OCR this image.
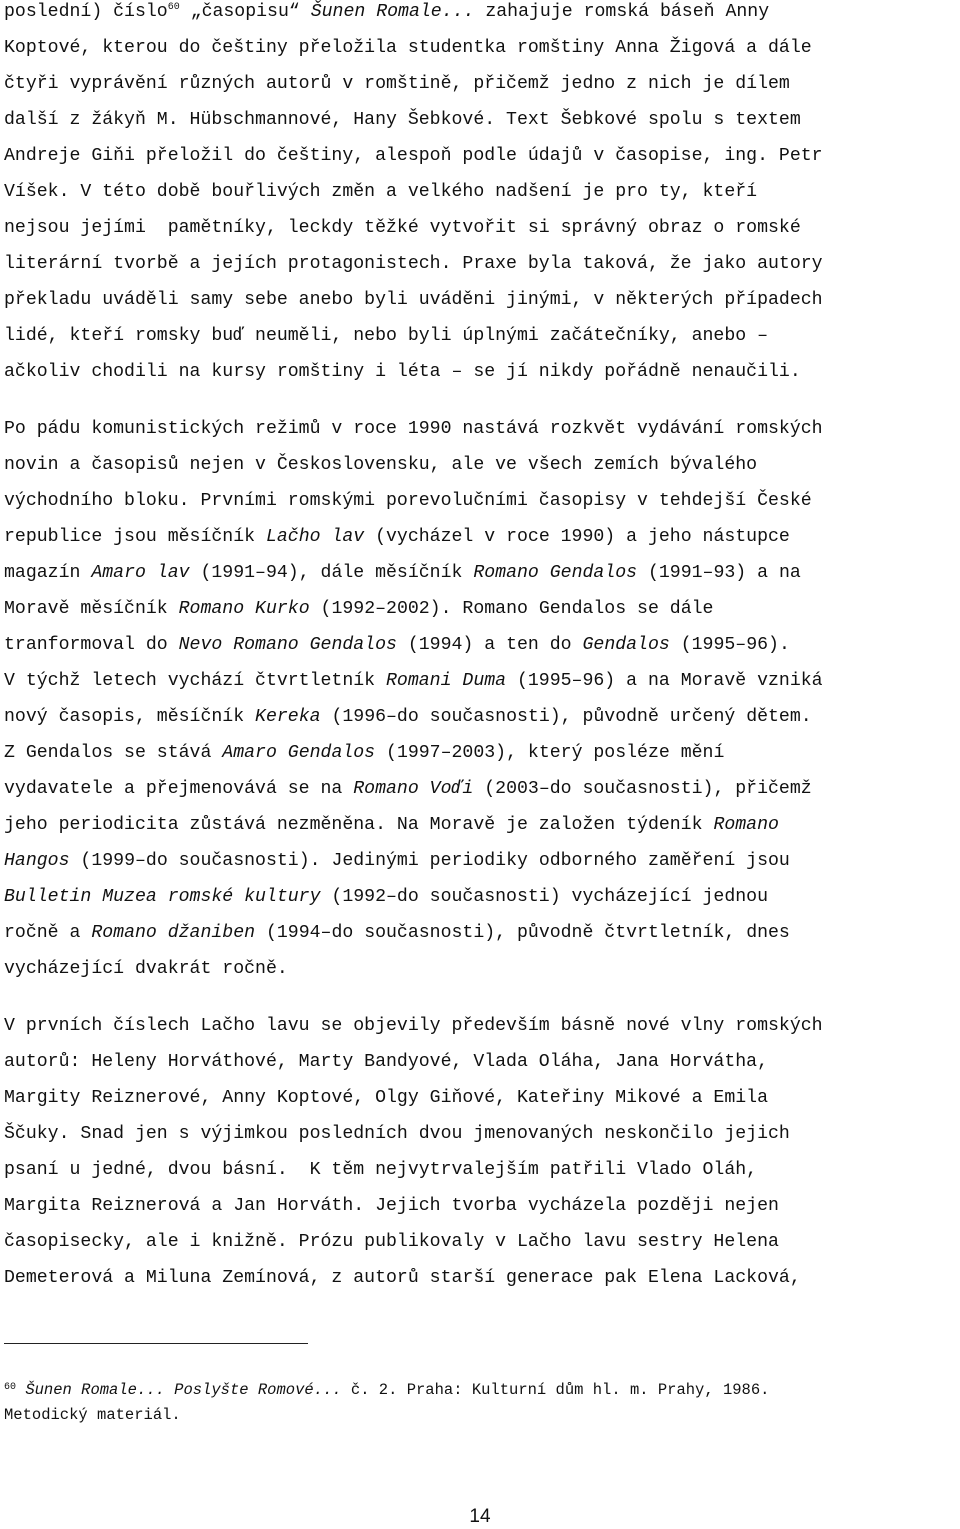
poslední) číslo$^{60}$ „časopisu“ Šunen Romale... zahajuje romská báseň Anny
Koptové, kterou do češtiny přeložila studentka romštiny Anna Žigová a dále
čtyři vyprávění různých autorů v romštině, přičemž jedno z nich je dílem
další z žákyň M. Hübschmannové, Hany Šebkové. Text Šebkové spolu s textem
Andreje Giňi přeložil do češtiny, alespoň podle údajů v časopise, ing. Petr
Víšek. V této době bouřlivých změn a velkého nadšení je pro ty, kteří
nejsou jejími  pamětníky, leckdy těžké vytvořit si správný obraz o romské
literární tvorbě a jejích protagonistech. Praxe byla taková, že jako autory
překladu uváděli samy sebe anebo byli uváděni jinými, v některých případech
lidé, kteří romsky buď neuměli, nebo byli úplnými začátečníky, anebo –
ačkoliv chodili na kursy romštiny i léta – se jí nikdy pořádně nenaučili.

Po pádu komunistických režimů v roce 1990 nastává rozkvět vydávání romských
novin a časopisů nejen v Československu, ale ve všech zemích bývalého
východního bloku. Prvními romskými porevolučními časopisy v tehdejší České
republice jsou měsíčník Lačho lav (vycházel v roce 1990) a jeho nástupce
magazín Amaro lav (1991–94), dále měsíčník Romano Gendalos (1991–93) a na
Moravě měsíčník Romano Kurko (1992–2002). Romano Gendalos se dále
tranformoval do Nevo Romano Gendalos (1994) a ten do Gendalos (1995–96).
V týchž letech vychází čtvrtletník Romani Duma (1995–96) a na Moravě vzniká
nový časopis, měsíčník Kereka (1996–do současnosti), původně určený dětem.
Z Gendalos se stává Amaro Gendalos (1997–2003), který posléze mění
vydavatele a přejmenovává se na Romano Voďi (2003–do současnosti), přičemž
jeho periodicita zůstává nezměněna. Na Moravě je založen týdeník Romano
Hangos (1999–do současnosti). Jedinými periodiky odborného zaměření jsou
Bulletin Muzea romské kultury (1992–do současnosti) vycházející jednou
ročně a Romano džaniben (1994–do současnosti), původně čtvrtletník, dnes
vycházející dvakrát ročně.

V prvních číslech Lačho lavu se objevily především básně nové vlny romských
autorů: Heleny Horváthové, Marty Bandyové, Vlada Oláha, Jana Horvátha,
Margity Reiznerové, Anny Koptové, Olgy Giňové, Kateřiny Mikové a Emila
Ščuky. Snad jen s výjimkou posledních dvou jmenovaných neskončilo jejich
psaní u jedné, dvou básní.  K těm nejvytrvalejším patřili Vlado Oláh,
Margita Reiznerová a Jan Horváth. Jejich tvorba vycházela později nejen
časopisecky, ale i knižně. Prózu publikovaly v Lačho lavu sestry Helena
Demeterová a Miluna Zemínová, z autorů starší generace pak Elena Lacková,

$^{60}$ Šunen Romale... Poslyšte Romové... č. 2. Praha: Kulturní dům hl. m. Prahy, 1986.
Metodický materiál.
14
